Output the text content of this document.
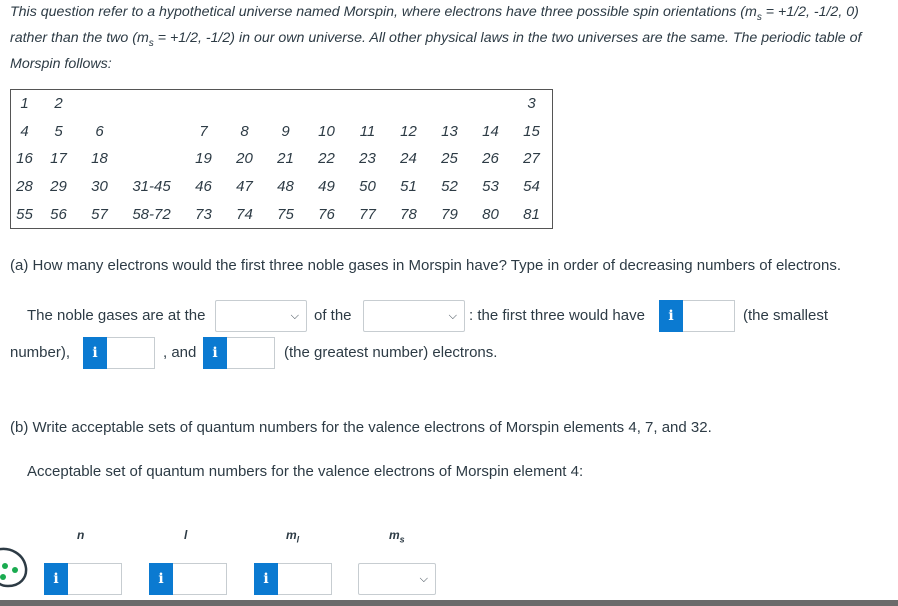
This question refer to a hypothetical universe named Morspin, where electrons have three possible spin orientations ($m_s = +1/2$, -1/2, 0) rather than the two ($m_s = +1/2$, -1/2) in our own universe. All other physical laws in the two universes are the same. The periodic table of Morspin follows:
1	2											3
4	5	6		7	8	9	10	11	12	13	14	15
16	17	18		19	20	21	22	23	24	25	26	27
28	29	30	31-45	46	47	48	49	50	51	52	53	54
55	56	57	58-72	73	74	75	76	77	78	79	80	81
(a) How many electrons would the first three noble gases in Morspin have? Type in order of decreasing numbers of electrons.
The noble gases are at the	⌵ of the	⌵ : the first three would have	i	(the smallest
number),	i	, and	i	(the greatest number) electrons.
(b) Write acceptable sets of quantum numbers for the valence electrons of Morspin elements 4, 7, and 32.
Acceptable set of quantum numbers for the valence electrons of Morspin element 4:
n	l	$m_l$	$m_s$
i	i	i	⌵
